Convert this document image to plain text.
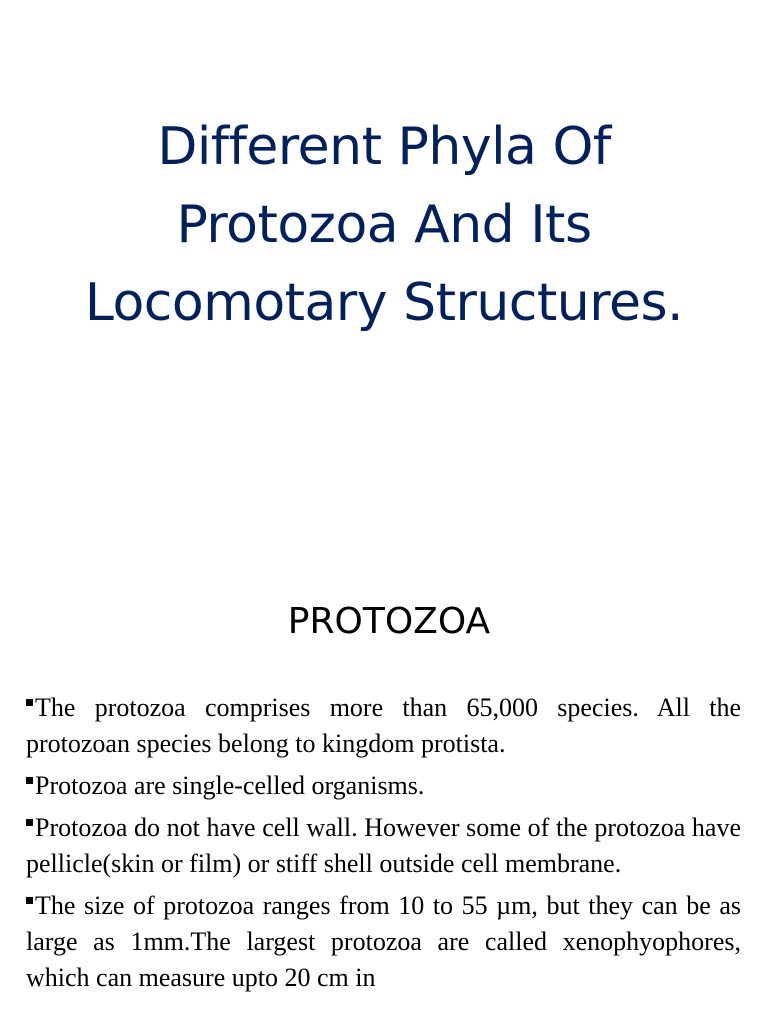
Different Phyla Of
Protozoa And Its
Locomotary Structures.
PROTOZOA
The protozoa comprises more than 65,000 species. All the protozoan species belong to kingdom protista.
Protozoa are single-celled organisms.
Protozoa do not have cell wall. However some of the protozoa have pellicle(skin or film) or stiff shell outside cell membrane.
The size of protozoa ranges from 10 to 55 µm, but they can be as large as 1mm.The largest protozoa are called xenophyophores, which can measure upto 20 cm in
